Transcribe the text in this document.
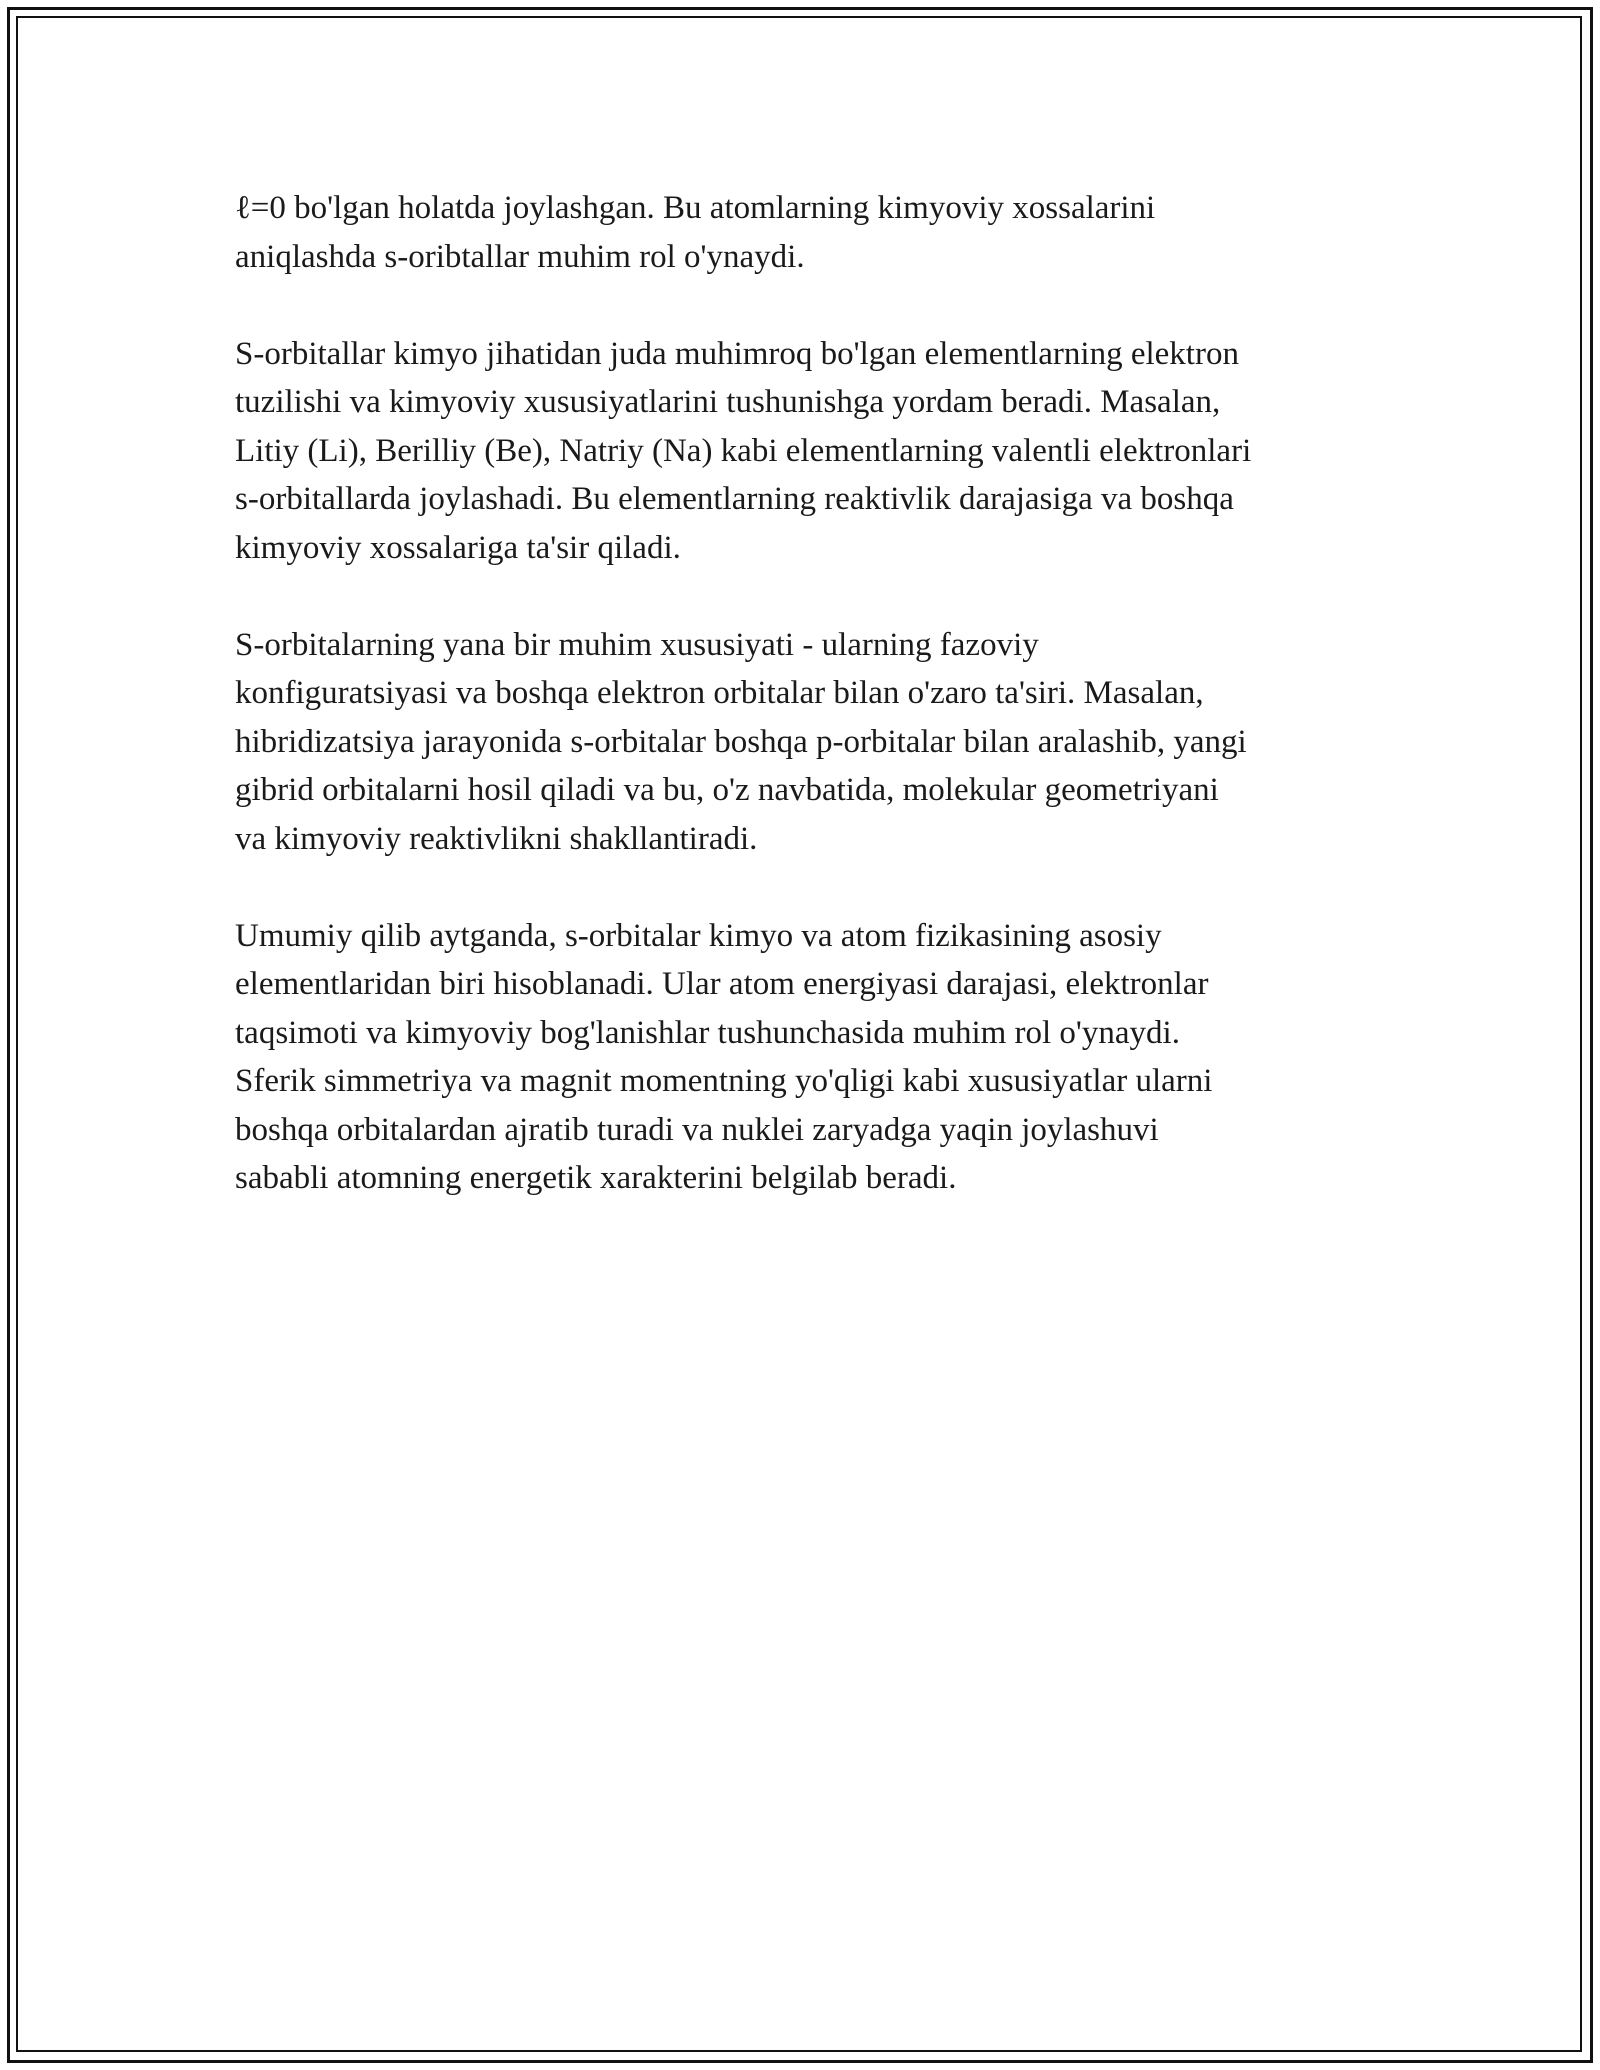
ℓ=0 bo'lgan holatda joylashgan. Bu atomlarning kimyoviy xossalarini
aniqlashda s-oribtallar muhim rol o'ynaydi.

S-orbitallar kimyo jihatidan juda muhimroq bo'lgan elementlarning elektron
tuzilishi va kimyoviy xususiyatlarini tushunishga yordam beradi. Masalan,
Litiy (Li), Berilliy (Be), Natriy (Na) kabi elementlarning valentli elektronlari
s-orbitallarda joylashadi. Bu elementlarning reaktivlik darajasiga va boshqa
kimyoviy xossalariga ta'sir qiladi.

S-orbitalarning yana bir muhim xususiyati - ularning fazoviy
konfiguratsiyasi va boshqa elektron orbitalar bilan o'zaro ta'siri. Masalan,
hibridizatsiya jarayonida s-orbitalar boshqa p-orbitalar bilan aralashib, yangi
gibrid orbitalarni hosil qiladi va bu, o'z navbatida, molekular geometriyani
va kimyoviy reaktivlikni shakllantiradi.

Umumiy qilib aytganda, s-orbitalar kimyo va atom fizikasining asosiy
elementlaridan biri hisoblanadi. Ular atom energiyasi darajasi, elektronlar
taqsimoti va kimyoviy bog'lanishlar tushunchasida muhim rol o'ynaydi.
Sferik simmetriya va magnit momentning yo'qligi kabi xususiyatlar ularni
boshqa orbitalardan ajratib turadi va nuklei zaryadga yaqin joylashuvi
sababli atomning energetik xarakterini belgilab beradi.
